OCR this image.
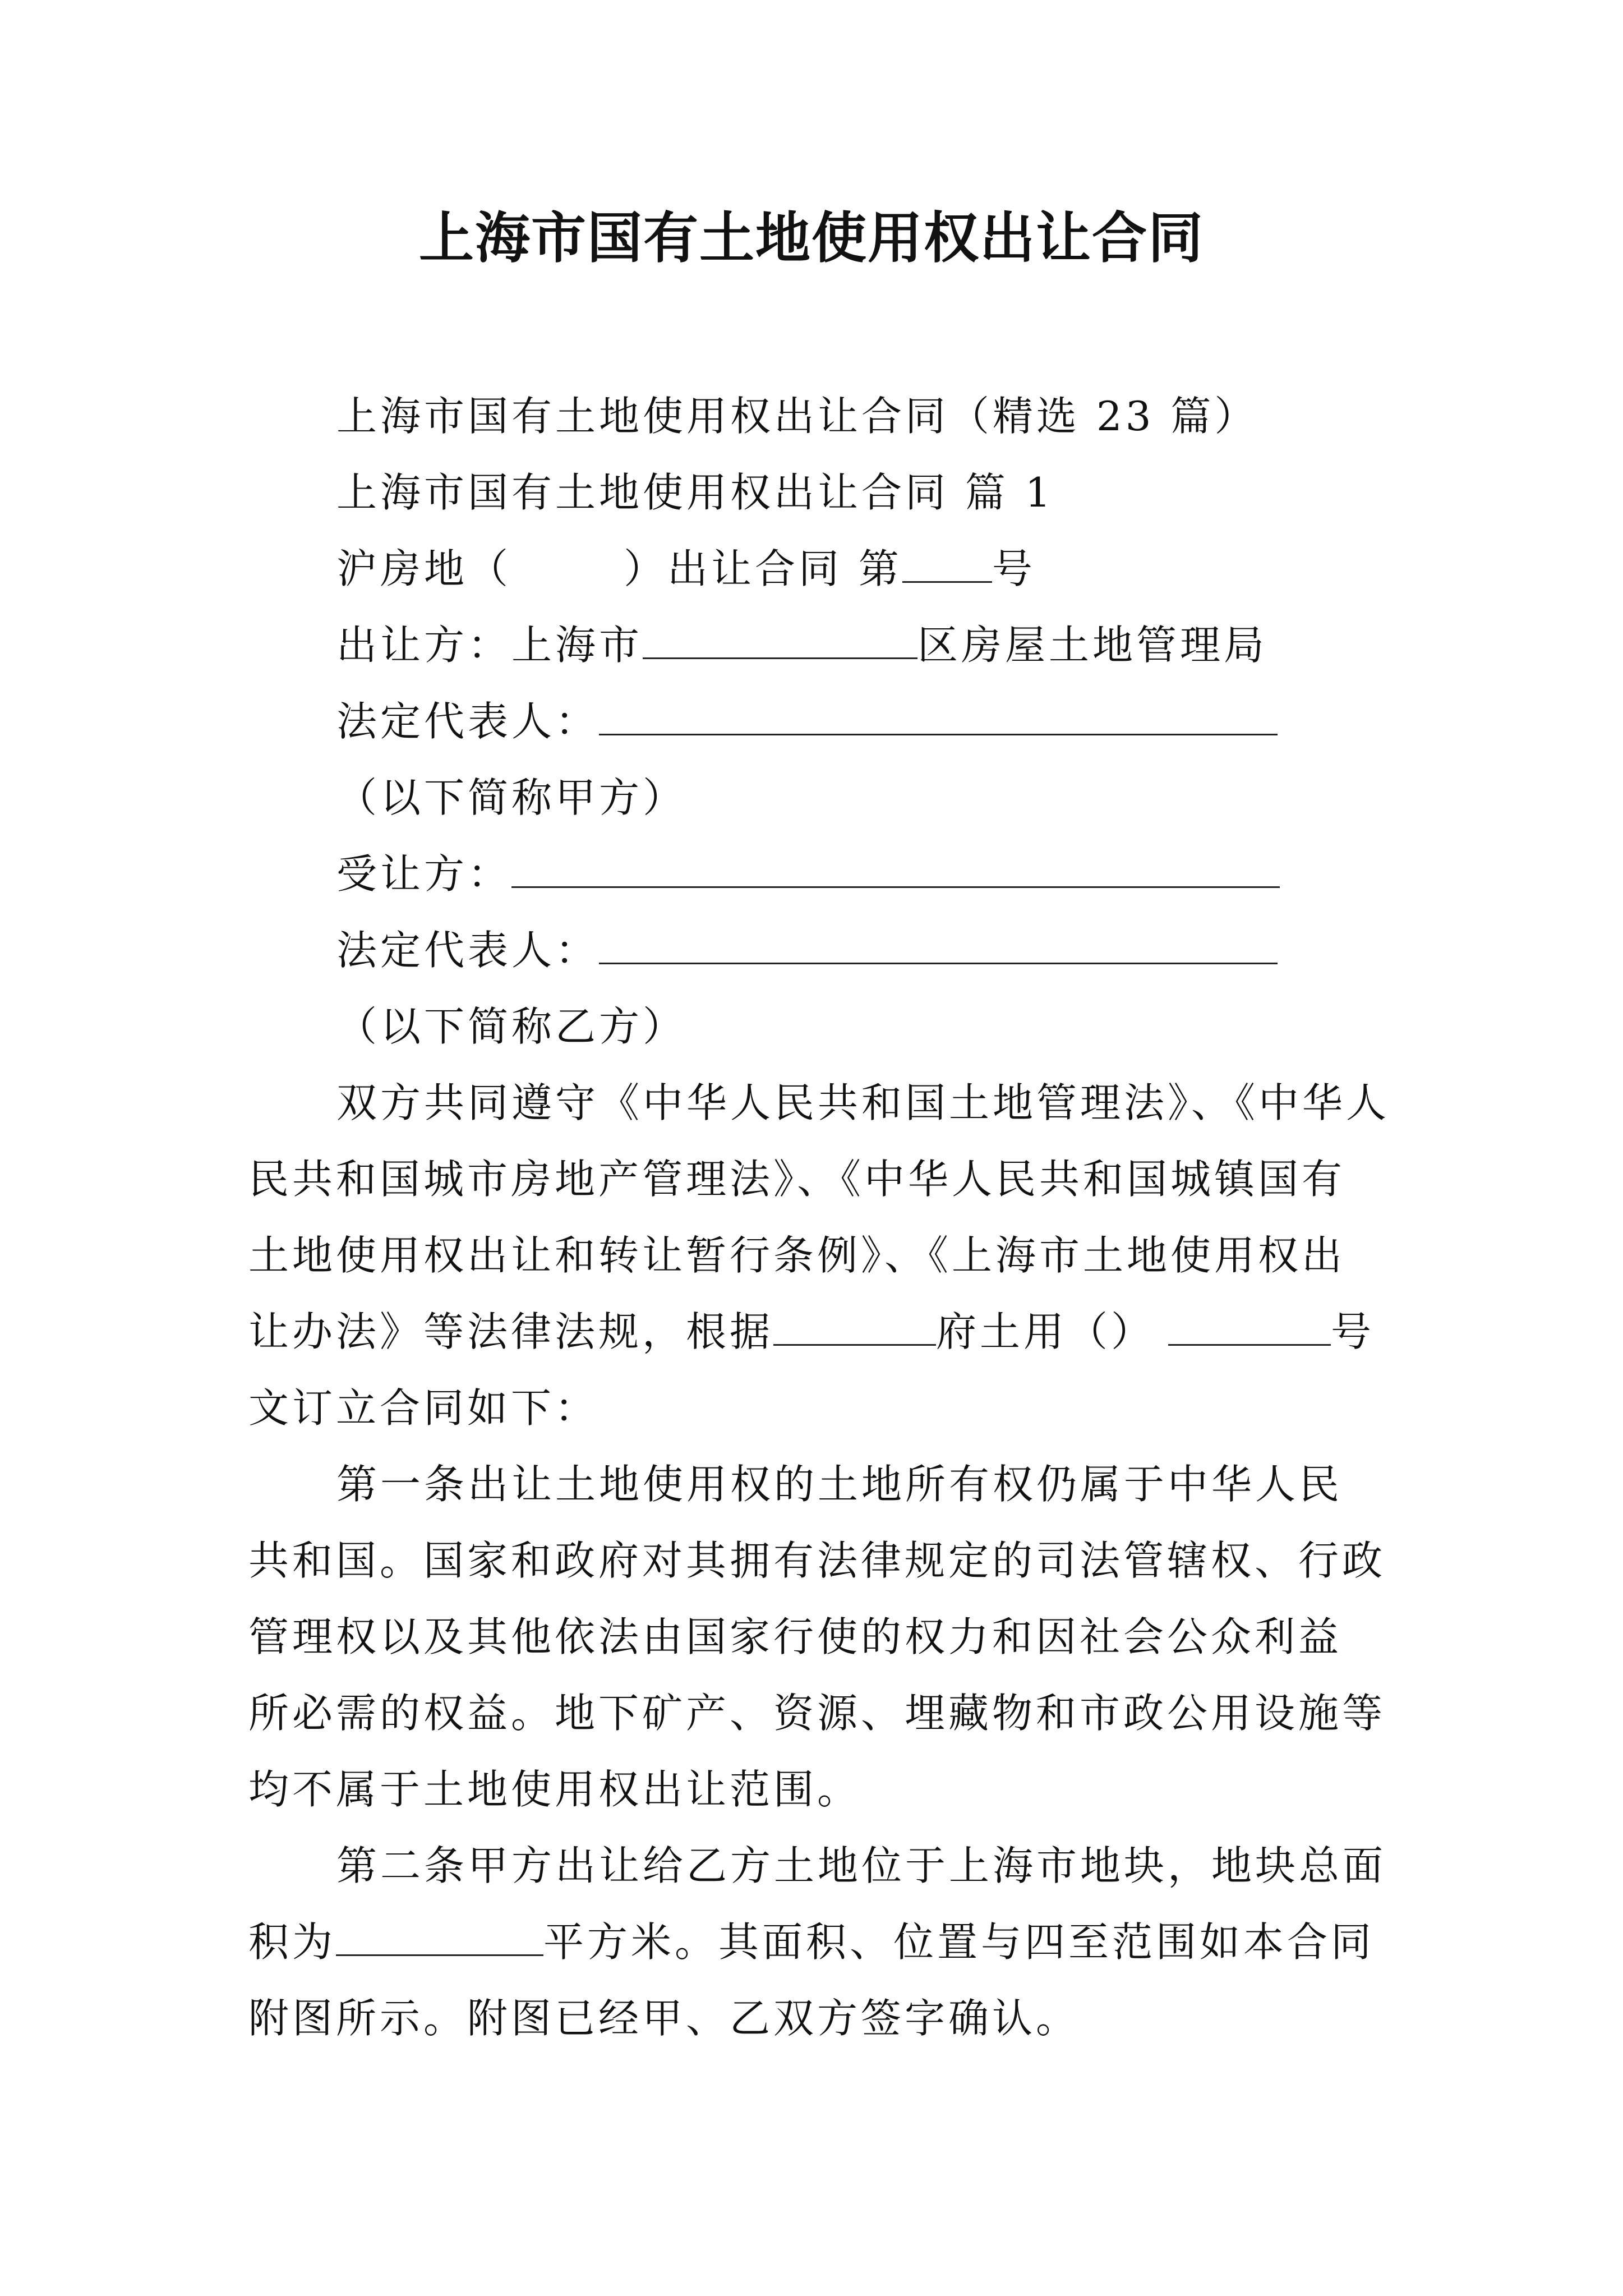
上海市国有土地使用权出让合同
上海市国有土地使用权出让合同（精选 23 篇）
上海市国有土地使用权出让合同 篇 1
沪房地（	）出让合同 第 号
出让方：上海市	区房屋土地管理局
法定代表人：
（以下简称甲方）
受让方：
法定代表人：
（以下简称乙方）
双方共同遵守《中华人民共和国土地管理法》、《中华人
民共和国城市房地产管理法》、《中华人民共和国城镇国有
土地使用权出让和转让暂行条例》、《上海市土地使用权出
让办法》等法律法规，根据	府土用（）	号
文订立合同如下：
第一条出让土地使用权的土地所有权仍属于中华人民
共和国。国家和政府对其拥有法律规定的司法管辖权、行政
管理权以及其他依法由国家行使的权力和因社会公众利益
所必需的权益。地下矿产、资源、埋藏物和市政公用设施等
均不属于土地使用权出让范围。
第二条甲方出让给乙方土地位于上海市地块，地块总面
积为	平方米。其面积、位置与四至范围如本合同
附图所示。附图已经甲、乙双方签字确认。
